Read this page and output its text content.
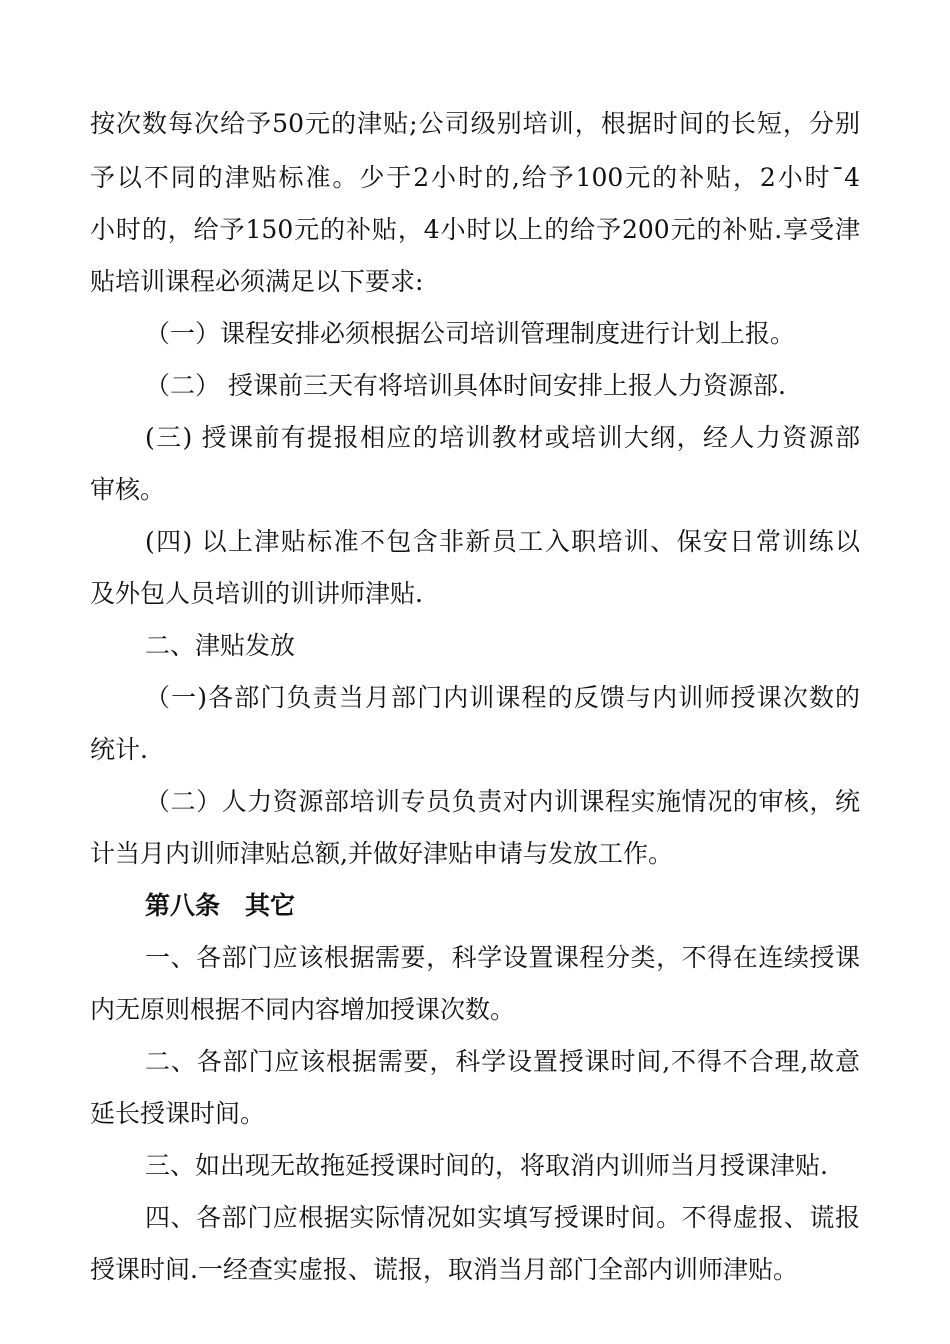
按次数每次给予50元的津贴;公司级别培训，根据时间的长短，分别
予以不同的津贴标准。少于2小时的,给予100元的补贴，2小时¯4
小时的，给予150元的补贴，4小时以上的给予200元的补贴.享受津
贴培训课程必须满足以下要求:
（一）课程安排必须根据公司培训管理制度进行计划上报。
（二） 授课前三天有将培训具体时间安排上报人力资源部.
(三) 授课前有提报相应的培训教材或培训大纲，经人力资源部
审核。
(四) 以上津贴标准不包含非新员工入职培训、保安日常训练以
及外包人员培训的训讲师津贴.
二、津贴发放
（一)各部门负责当月部门内训课程的反馈与内训师授课次数的
统计.
（二）人力资源部培训专员负责对内训课程实施情况的审核，统
计当月内训师津贴总额,并做好津贴申请与发放工作。
第八条　其它
一、各部门应该根据需要，科学设置课程分类，不得在连续授课
内无原则根据不同内容增加授课次数。
二、各部门应该根据需要，科学设置授课时间,不得不合理,故意
延长授课时间。
三、如出现无故拖延授课时间的，将取消内训师当月授课津贴.
四、各部门应根据实际情况如实填写授课时间。不得虚报、谎报
授课时间.一经查实虚报、谎报，取消当月部门全部内训师津贴。
